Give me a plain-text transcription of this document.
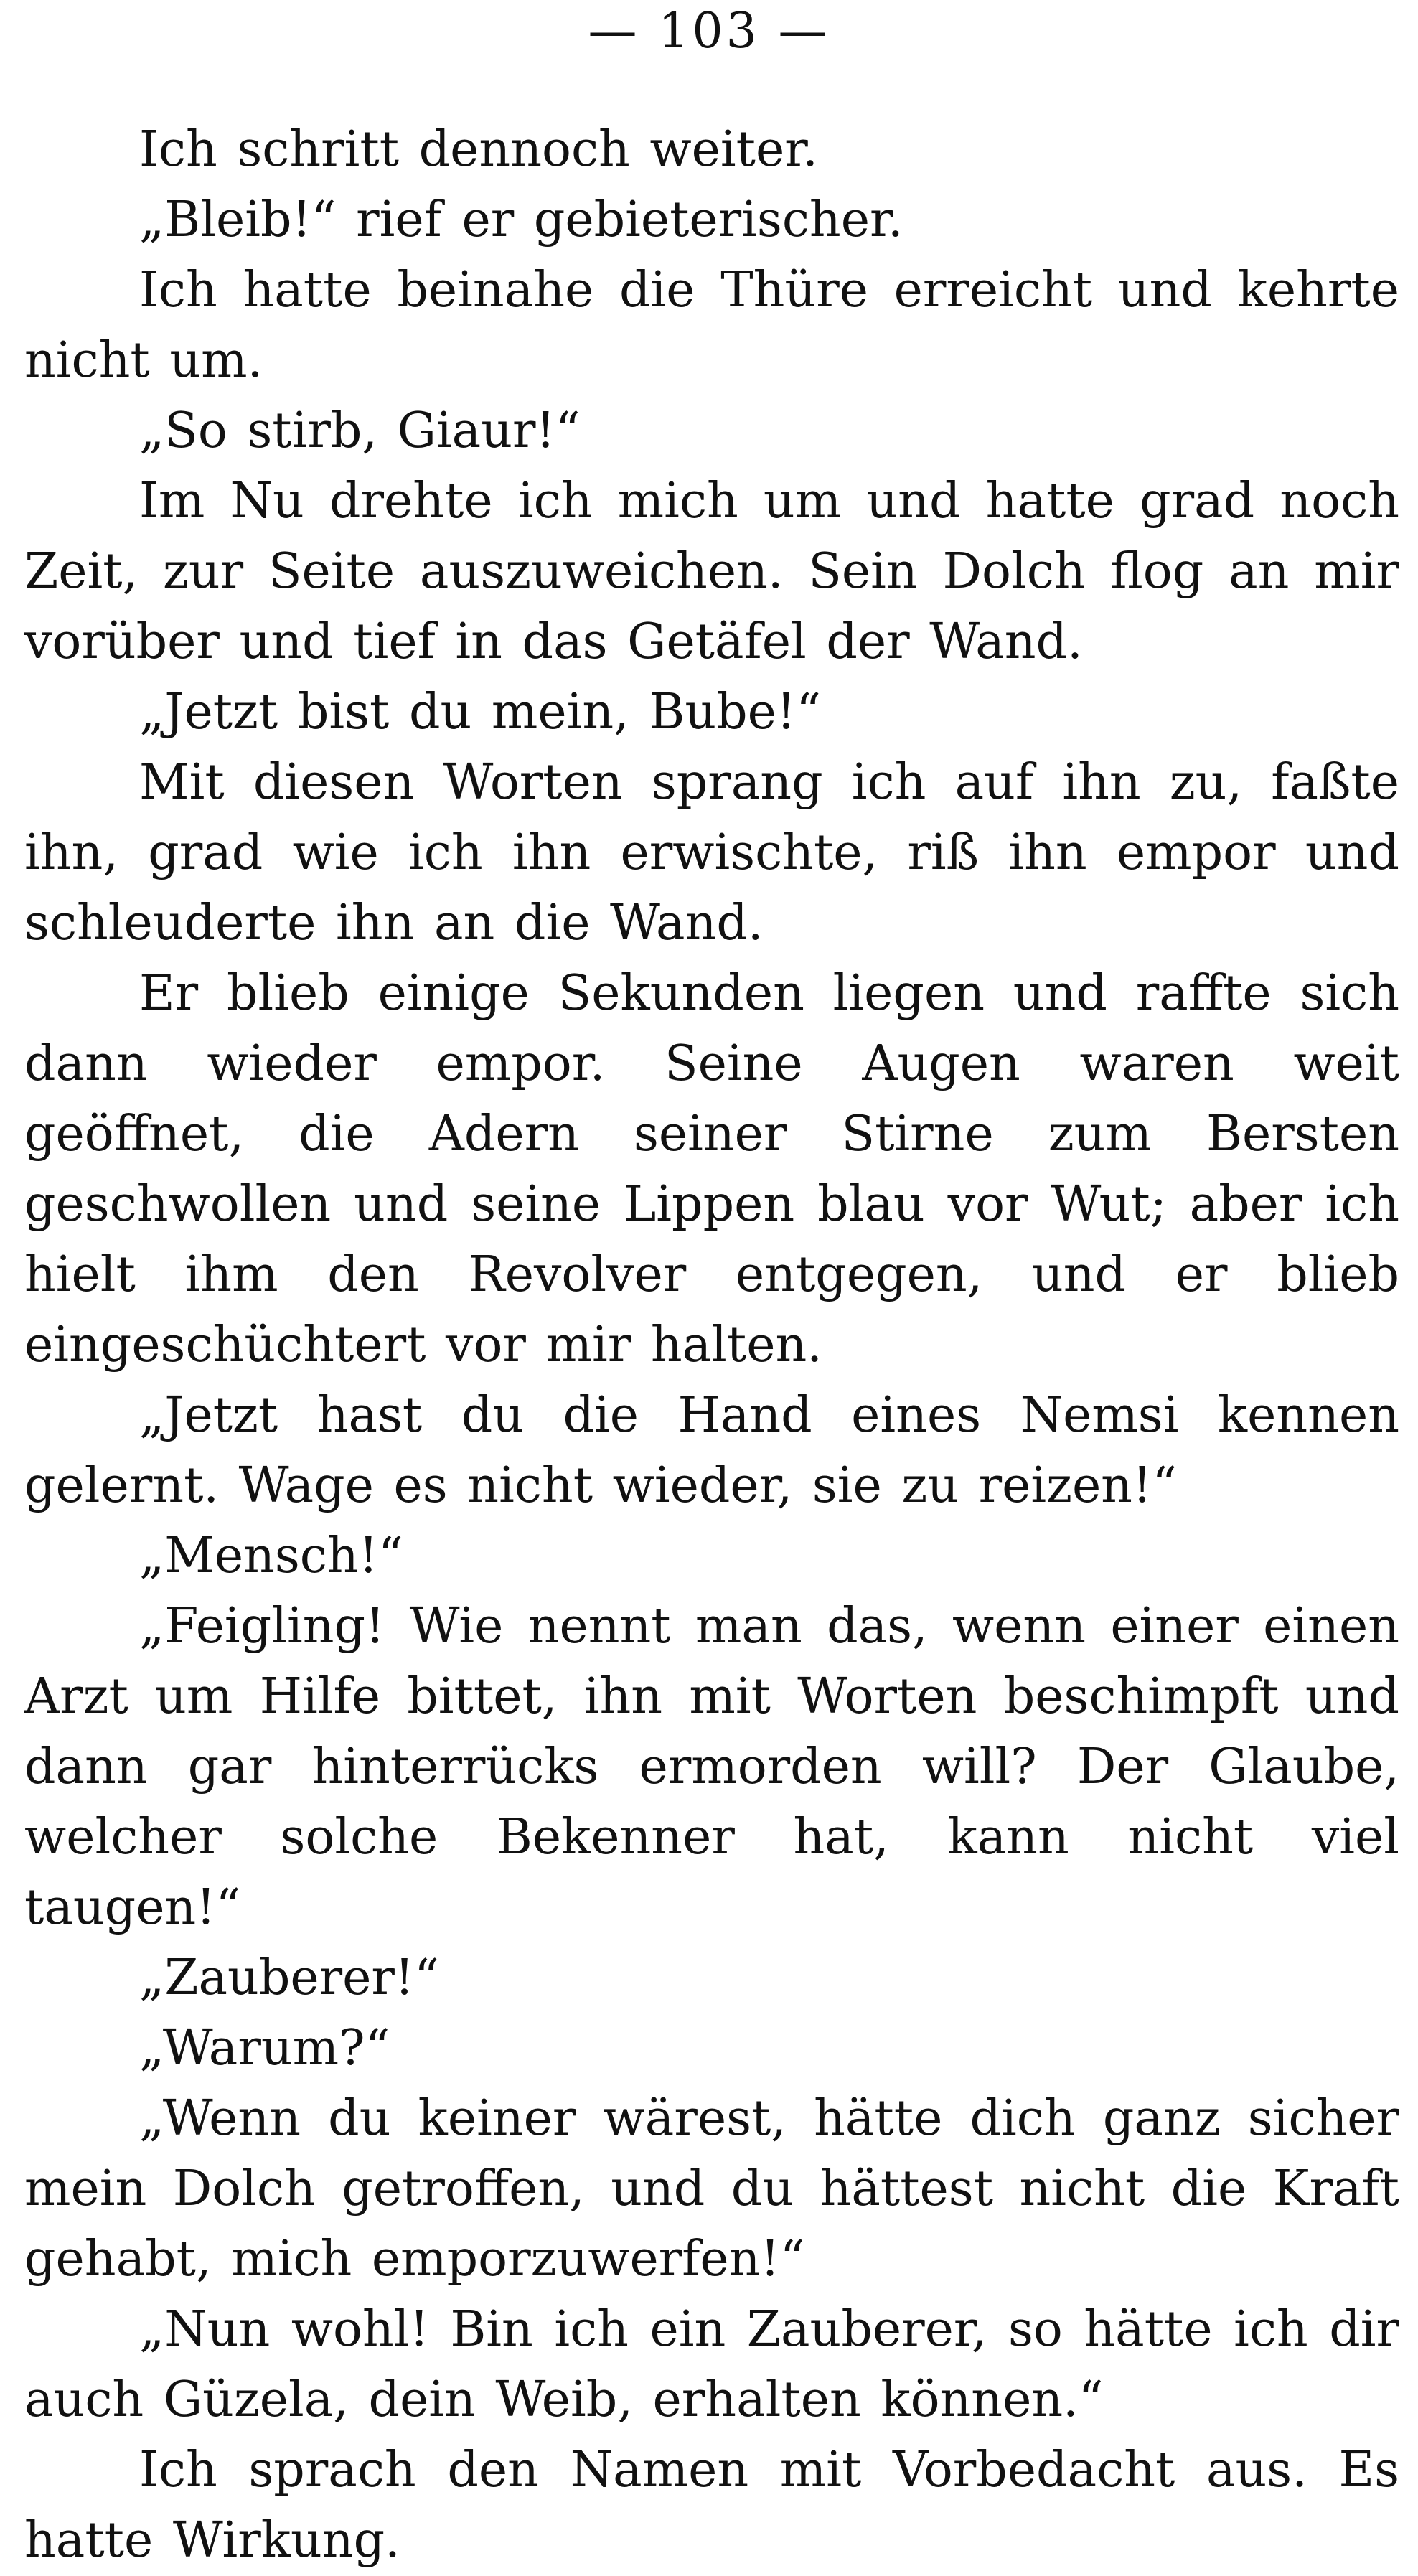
— 103 —

Ich schritt dennoch weiter.

„Bleib!“ rief er gebieterischer.

Ich hatte beinahe die Thüre erreicht und kehrte nicht um.

„So stirb, Giaur!“

Im Nu drehte ich mich um und hatte grad noch Zeit, zur Seite auszuweichen. Sein Dolch flog an mir vorüber und tief in das Getäfel der Wand.

„Jetzt bist du mein, Bube!“

Mit diesen Worten sprang ich auf ihn zu, faßte ihn, grad wie ich ihn erwischte, riß ihn empor und schleuderte ihn an die Wand.

Er blieb einige Sekunden liegen und raffte sich dann wieder empor. Seine Augen waren weit geöffnet, die Adern seiner Stirne zum Bersten geschwollen und seine Lippen blau vor Wut; aber ich hielt ihm den Revolver entgegen, und er blieb eingeschüchtert vor mir halten.

„Jetzt hast du die Hand eines Nemsi kennen gelernt. Wage es nicht wieder, sie zu reizen!“

„Mensch!“

„Feigling! Wie nennt man das, wenn einer einen Arzt um Hilfe bittet, ihn mit Worten beschimpft und dann gar hinterrücks ermorden will? Der Glaube, welcher solche Bekenner hat, kann nicht viel taugen!“

„Zauberer!“

„Warum?“

„Wenn du keiner wärest, hätte dich ganz sicher mein Dolch getroffen, und du hättest nicht die Kraft gehabt, mich emporzuwerfen!“

„Nun wohl! Bin ich ein Zauberer, so hätte ich dir auch Güzela, dein Weib, erhalten können.“

Ich sprach den Namen mit Vorbedacht aus. Es hatte Wirkung.
